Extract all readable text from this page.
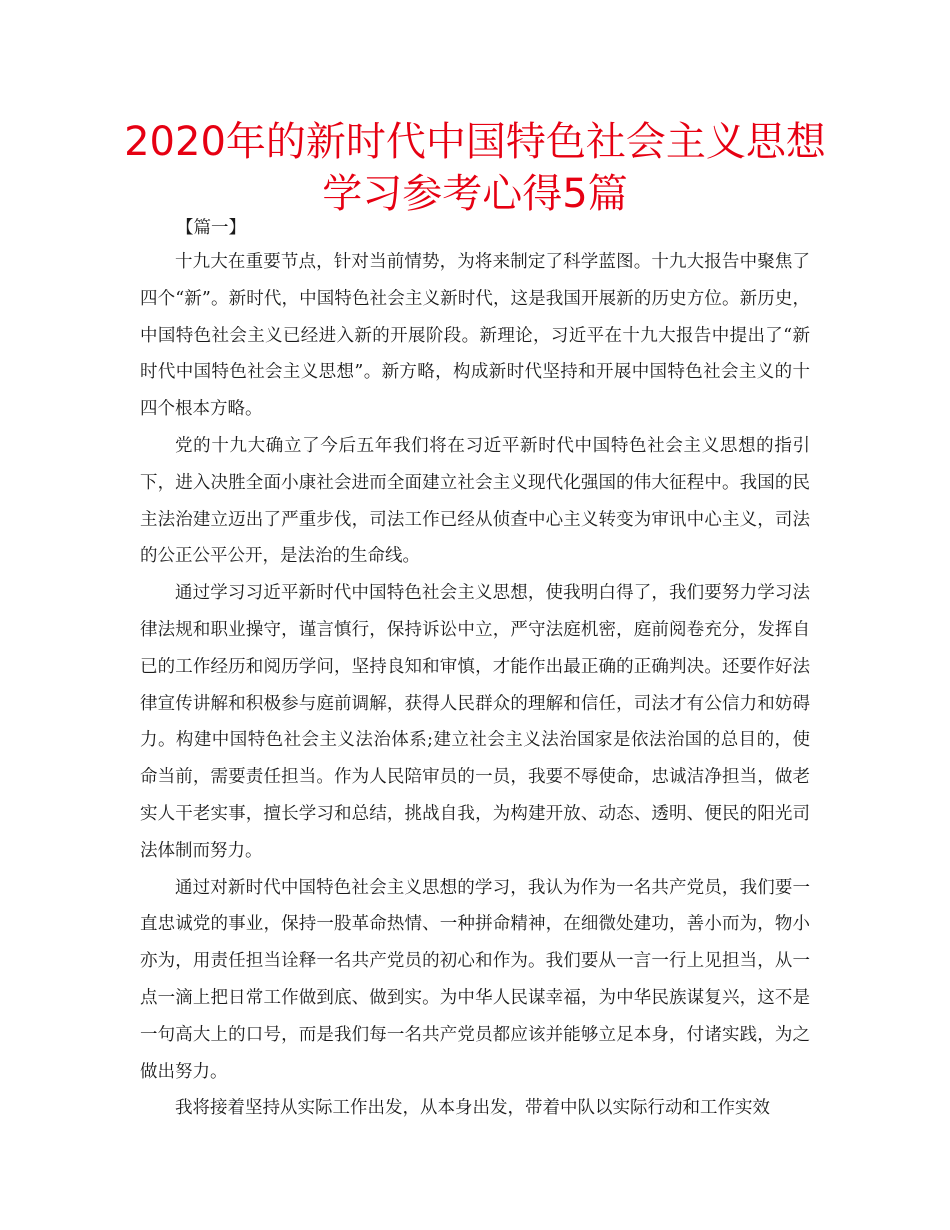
2020年的新时代中国特色社会主义思想学习参考心得5篇

【篇一】

十九大在重要节点，针对当前情势，为将来制定了科学蓝图。十九大报告中聚焦了四个“新”。新时代，中国特色社会主义新时代，这是我国开展新的历史方位。新历史，中国特色社会主义已经进入新的开展阶段。新理论，习近平在十九大报告中提出了“新时代中国特色社会主义思想”。新方略，构成新时代坚持和开展中国特色社会主义的十四个根本方略。

党的十九大确立了今后五年我们将在习近平新时代中国特色社会主义思想的指引下，进入决胜全面小康社会进而全面建立社会主义现代化强国的伟大征程中。我国的民主法治建立迈出了严重步伐，司法工作已经从侦查中心主义转变为审讯中心主义，司法的公正公平公开，是法治的生命线。

通过学习习近平新时代中国特色社会主义思想，使我明白得了，我们要努力学习法律法规和职业操守，谨言慎行，保持诉讼中立，严守法庭机密，庭前阅卷充分，发挥自已的工作经历和阅历学问，坚持良知和审慎，才能作出最正确的正确判决。还要作好法律宣传讲解和积极参与庭前调解，获得人民群众的理解和信任，司法才有公信力和妨碍力。构建中国特色社会主义法治体系;建立社会主义法治国家是依法治国的总目的，使命当前，需要责任担当。作为人民陪审员的一员，我要不辱使命，忠诚洁净担当，做老实人干老实事，擅长学习和总结，挑战自我，为构建开放、动态、透明、便民的阳光司法体制而努力。

通过对新时代中国特色社会主义思想的学习，我认为作为一名共产党员，我们要一直忠诚党的事业，保持一股革命热情、一种拼命精神，在细微处建功，善小而为，物小亦为，用责任担当诠释一名共产党员的初心和作为。我们要从一言一行上见担当，从一点一滴上把日常工作做到底、做到实。为中华人民谋幸福，为中华民族谋复兴，这不是一句高大上的口号，而是我们每一名共产党员都应该并能够立足本身，付诸实践，为之做出努力。

我将接着坚持从实际工作出发，从本身出发，带着中队以实际行动和工作实效
